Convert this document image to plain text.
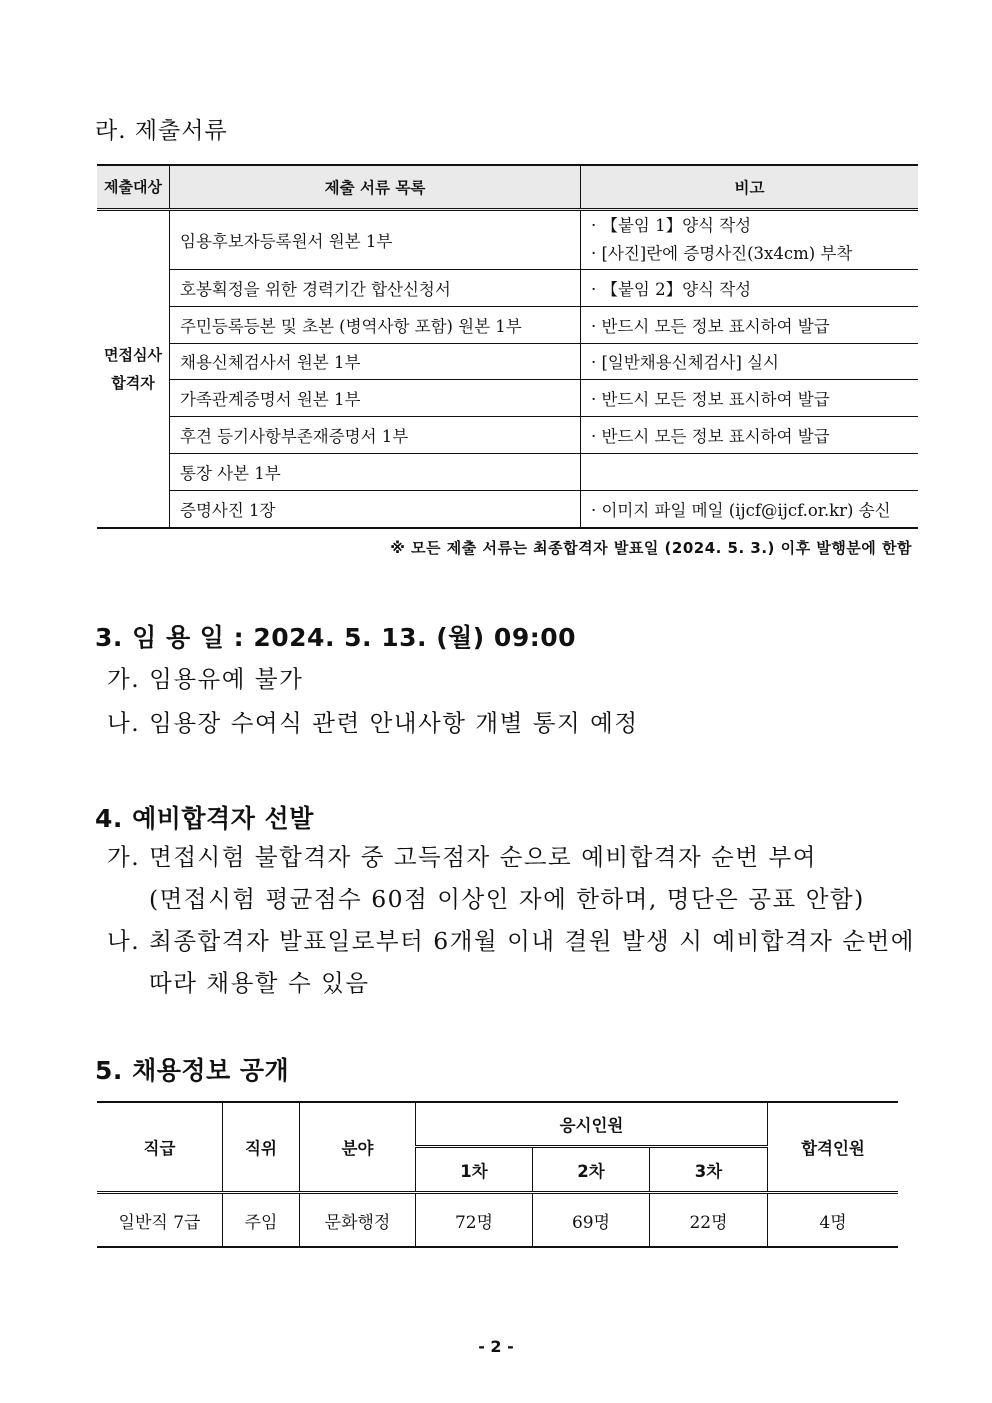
라. 제출서류
제출대상	제출 서류 목록	비고

면접심사
합격자	임용후보자등록원서 원본 1부	· 【붙임 1】양식 작성
· [사진]란에 증명사진(3x4cm) 부착

	호봉획정을 위한 경력기간 합산신청서	· 【붙임 2】양식 작성
	주민등록등본 및 초본 (병역사항 포함) 원본 1부	· 반드시 모든 정보 표시하여 발급
	채용신체검사서 원본 1부	· [일반채용신체검사] 실시
	가족관계증명서 원본 1부	· 반드시 모든 정보 표시하여 발급
	후견 등기사항부존재증명서 1부	· 반드시 모든 정보 표시하여 발급
	통장 사본 1부	
	증명사진 1장	· 이미지 파일 메일 (ijcf@ijcf.or.kr) 송신
※ 모든 제출 서류는 최종합격자 발표일 (2024. 5. 3.) 이후 발행분에 한함
3. 임 용 일 : 2024. 5. 13. (월) 09:00
가. 임용유예 불가
나. 임용장 수여식 관련 안내사항 개별 통지 예정
4. 예비합격자 선발
가. 면접시험 불합격자 중 고득점자 순으로 예비합격자 순번 부여
(면접시험 평균점수 60점 이상인 자에 한하며, 명단은 공표 안함)
나. 최종합격자 발표일로부터 6개월 이내 결원 발생 시 예비합격자 순번에
따라 채용할 수 있음
5. 채용정보 공개
직급	직위	분야	응시인원			합격인원
			1차	2차	3차	
일반직 7급	주임	문화행정	72명	69명	22명	4명
- 2 -
